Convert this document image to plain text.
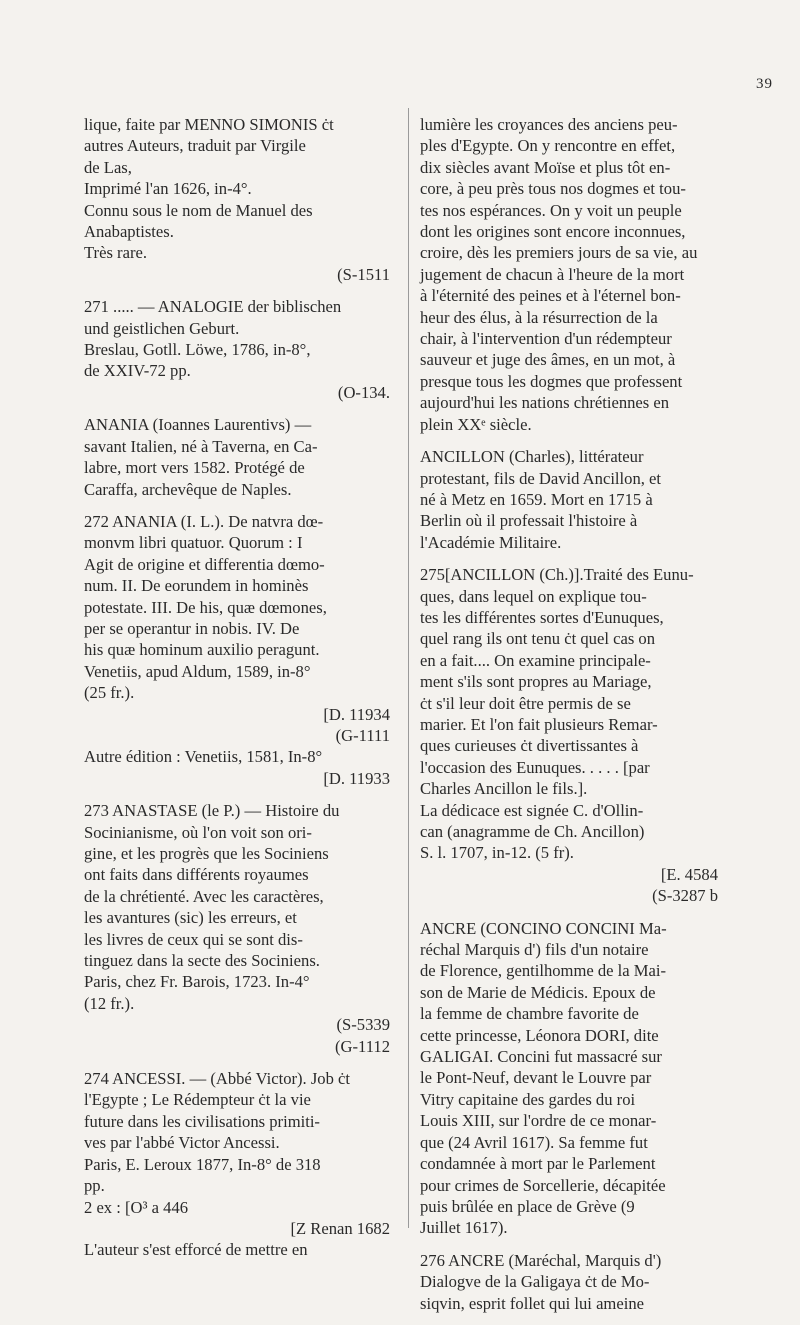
39

lique, faite par MENNO SIMONIS ċt

autres Auteurs, traduit par Virgile

de Las,

Imprimé l'an 1626, in-4°.

Connu sous le nom de Manuel des

Anabaptistes.

Très rare.

(S-1511

271 ..... — ANALOGIE der biblischen

und geistlichen Geburt.

Breslau, Gotll. Löwe, 1786, in-8°,

de XXIV-72 pp.

(O-134.

ANANIA (Ioannes Laurentivs) —

savant Italien, né à Taverna, en Ca-

labre, mort vers 1582. Protégé de

Caraffa, archevêque de Naples.

272 ANANIA (I. L.). De natvra dœ-

monvm libri quatuor. Quorum : I

Agit de origine et differentia dœmo-

num. II. De eorundem in hominès

potestate. III. De his, quæ dœmones,

per se operantur in nobis. IV. De

his quæ hominum auxilio peragunt.

Venetiis, apud Aldum, 1589, in-8°

(25 fr.).

[D. 11934

(G-1111

Autre édition : Venetiis, 1581, In-8°

[D. 11933

273 ANASTASE (le P.) — Histoire du

Socinianisme, où l'on voit son ori-

gine, et les progrès que les Sociniens

ont faits dans différents royaumes

de la chrétienté. Avec les caractères,

les avantures (sic) les erreurs, et

les livres de ceux qui se sont dis-

tinguez dans la secte des Sociniens.

Paris, chez Fr. Barois, 1723. In-4°

(12 fr.).

(S-5339

(G-1112

274 ANCESSI. — (Abbé Victor). Job ċt

l'Egypte ; Le Rédempteur ċt la vie

future dans les civilisations primiti-

ves par l'abbé Victor Ancessi.

Paris, E. Leroux 1877, In-8° de 318

pp.

2 ex : [O³ a 446

[Z Renan 1682

L'auteur s'est efforcé de mettre en

lumière les croyances des anciens peu-

ples d'Egypte. On y rencontre en effet,

dix siècles avant Moïse et plus tôt en-

core, à peu près tous nos dogmes et tou-

tes nos espérances. On y voit un peuple

dont les origines sont encore inconnues,

croire, dès les premiers jours de sa vie, au

jugement de chacun à l'heure de la mort

à l'éternité des peines et à l'éternel bon-

heur des élus, à la résurrection de la

chair, à l'intervention d'un rédempteur

sauveur et juge des âmes, en un mot, à

presque tous les dogmes que professent

aujourd'hui les nations chrétiennes en

plein XXᵉ siècle.

ANCILLON (Charles), littérateur

protestant, fils de David Ancillon, et

né à Metz en 1659. Mort en 1715 à

Berlin où il professait l'histoire à

l'Académie Militaire.

275[ANCILLON (Ch.)].Traité des Eunu-

ques, dans lequel on explique tou-

tes les différentes sortes d'Eunuques,

quel rang ils ont tenu ċt quel cas on

en a fait.... On examine principale-

ment s'ils sont propres au Mariage,

ċt s'il leur doit être permis de se

marier. Et l'on fait plusieurs Remar-

ques curieuses ċt divertissantes à

l'occasion des Eunuques. . . . . [par

Charles Ancillon le fils.].

La dédicace est signée C. d'Ollin-

can (anagramme de Ch. Ancillon)

S. l. 1707, in-12. (5 fr).

[E. 4584

(S-3287 b

ANCRE (CONCINO CONCINI Ma-

réchal Marquis d') fils d'un notaire

de Florence, gentilhomme de la Mai-

son de Marie de Médicis. Epoux de

la femme de chambre favorite de

cette princesse, Léonora DORI, dite

GALIGAI. Concini fut massacré sur

le Pont-Neuf, devant le Louvre par

Vitry capitaine des gardes du roi

Louis XIII, sur l'ordre de ce monar-

que (24 Avril 1617). Sa femme fut

condamnée à mort par le Parlement

pour crimes de Sorcellerie, décapitée

puis brûlée en place de Grève (9

Juillet 1617).

276 ANCRE (Maréchal, Marquis d')

Dialogve de la Galigaya ċt de Mo-

siqvin, esprit follet qui lui ameine
